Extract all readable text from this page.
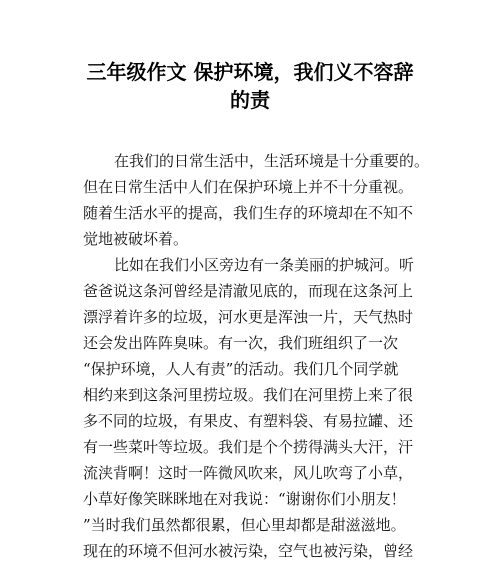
三年级作文 保护环境，我们义不容辞
的责

在我们的日常生活中，生活环境是十分重要的。
但在日常生活中人们在保护环境上并不十分重视。
随着生活水平的提高，我们生存的环境却在不知不
觉地被破坏着。

比如在我们小区旁边有一条美丽的护城河。听
爸爸说这条河曾经是清澈见底的，而现在这条河上
漂浮着许多的垃圾，河水更是浑浊一片，天气热时
还会发出阵阵臭味。有一次，我们班组织了一次
“保护环境，人人有责”的活动。我们几个同学就
相约来到这条河里捞垃圾。我们在河里捞上来了很
多不同的垃圾，有果皮、有塑料袋、有易拉罐、还
有一些菜叶等垃圾。我们是个个捞得满头大汗，汗
流浃背啊！这时一阵微风吹来，风儿吹弯了小草，
小草好像笑眯眯地在对我说：“谢谢你们小朋友！
”当时我们虽然都很累，但心里却都是甜滋滋地。
现在的环境不但河水被污染，空气也被污染，曾经
